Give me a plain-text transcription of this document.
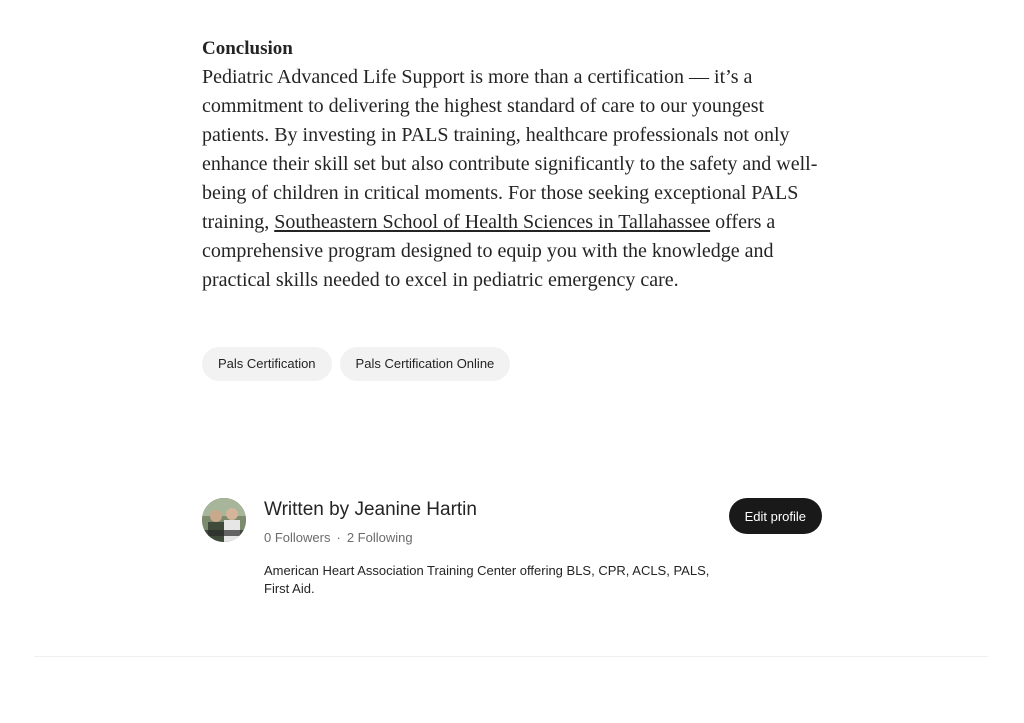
Conclusion

Pediatric Advanced Life Support is more than a certification — it’s a commitment to delivering the highest standard of care to our youngest patients. By investing in PALS training, healthcare professionals not only enhance their skill set but also contribute significantly to the safety and well-being of children in critical moments. For those seeking exceptional PALS training, Southeastern School of Health Sciences in Tallahassee offers a comprehensive program designed to equip you with the knowledge and practical skills needed to excel in pediatric emergency care.

Pals Certification	Pals Certification Online
Written by Jeanine Hartin
0 Followers · 2 Following

American Heart Association Training Center offering BLS, CPR, ACLS, PALS, First Aid.

Edit profile
